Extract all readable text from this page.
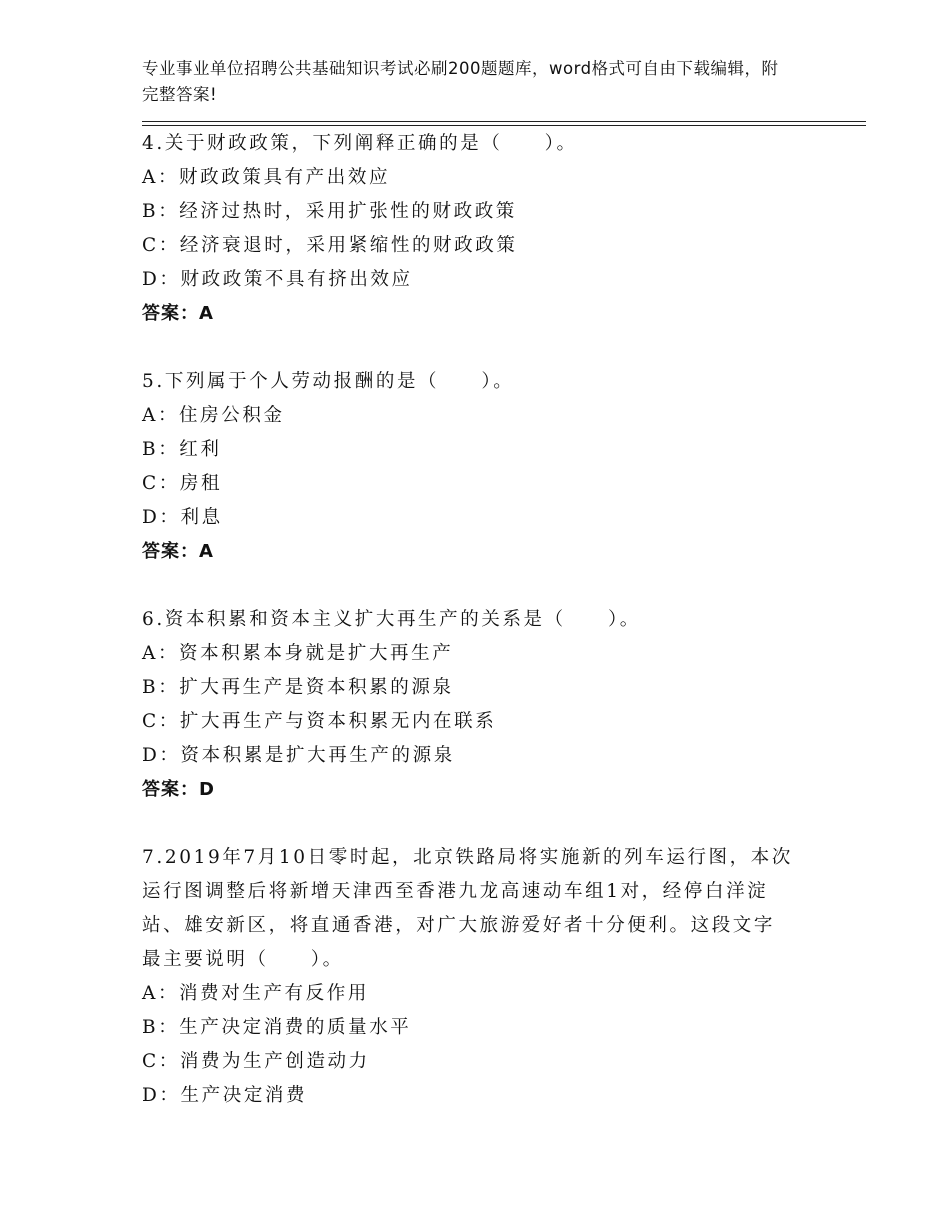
专业事业单位招聘公共基础知识考试必刷200题题库，word格式可自由下载编辑，附完整答案!
4.关于财政政策，下列阐释正确的是（　　）。
A：财政政策具有产出效应
B：经济过热时，采用扩张性的财政政策
C：经济衰退时，采用紧缩性的财政政策
D：财政政策不具有挤出效应
答案：A
5.下列属于个人劳动报酬的是（　　）。
A：住房公积金
B：红利
C：房租
D：利息
答案：A
6.资本积累和资本主义扩大再生产的关系是（　　）。
A：资本积累本身就是扩大再生产
B：扩大再生产是资本积累的源泉
C：扩大再生产与资本积累无内在联系
D：资本积累是扩大再生产的源泉
答案：D
7.2019年7月10日零时起，北京铁路局将实施新的列车运行图，本次
运行图调整后将新增天津西至香港九龙高速动车组1对，经停白洋淀
站、雄安新区，将直通香港，对广大旅游爱好者十分便利。这段文字
最主要说明（　　）。
A：消费对生产有反作用
B：生产决定消费的质量水平
C：消费为生产创造动力
D：生产决定消费
